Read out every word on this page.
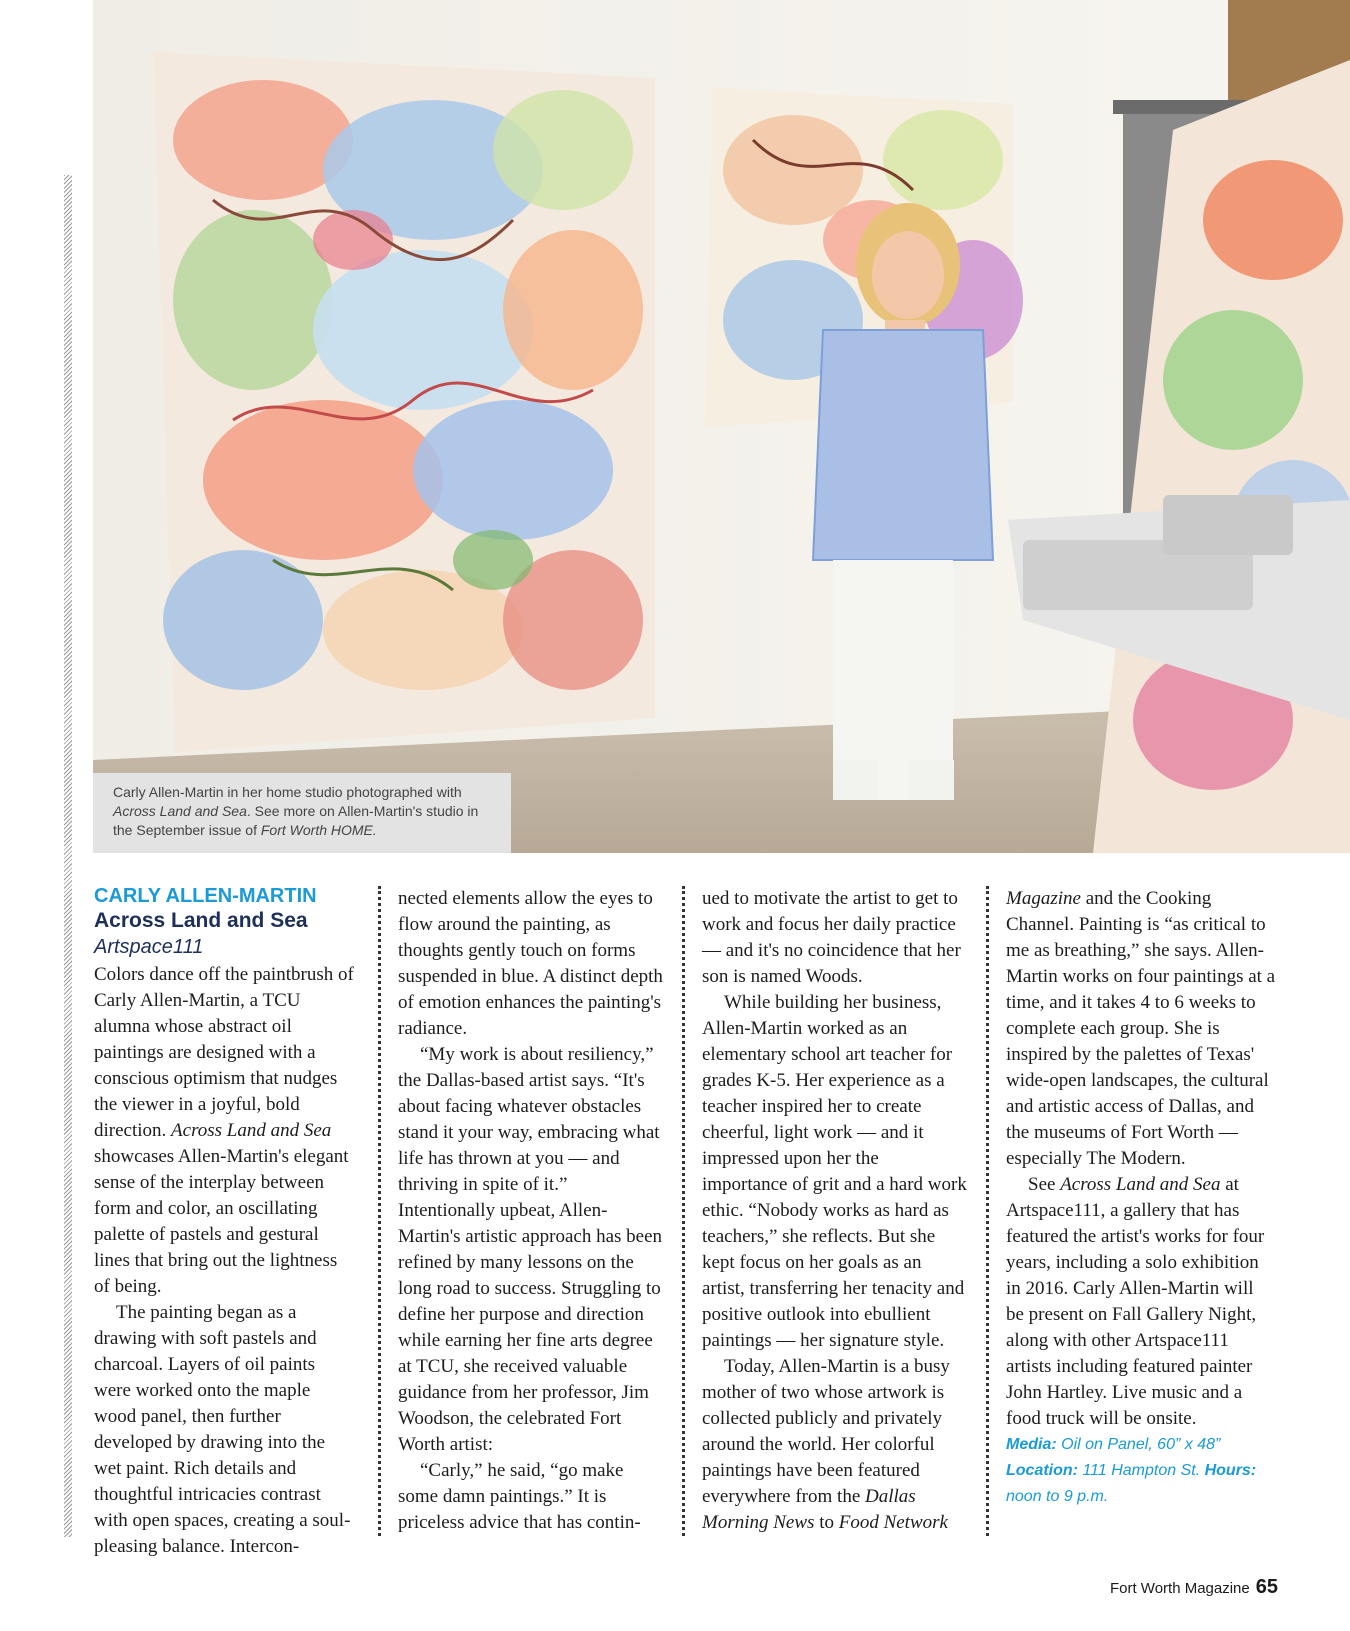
Carly Allen-Martin in her home studio photographed with
Across Land and Sea. See more on Allen-Martin's studio in
the September issue of Fort Worth HOME.
CARLY ALLEN-MARTIN
Across Land and Sea
Artspace111

Colors dance off the paintbrush of Carly Allen-Martin, a TCU alumna whose abstract oil paintings are designed with a conscious optimism that nudges the viewer in a joyful, bold direction. Across Land and Sea showcases Allen-Martin's elegant sense of the interplay between form and color, an oscillating palette of pastels and gestural lines that bring out the lightness of being.

The painting began as a drawing with soft pastels and charcoal. Layers of oil paints were worked onto the maple wood panel, then further developed by drawing into the wet paint. Rich details and thoughtful intricacies contrast with open spaces, creating a soul-pleasing balance. Intercon-

nected elements allow the eyes to flow around the painting, as thoughts gently touch on forms suspended in blue. A distinct depth of emotion enhances the painting's radiance.

“My work is about resiliency,” the Dallas-based artist says. “It's about facing whatever obstacles stand it your way, embracing what life has thrown at you — and thriving in spite of it.” Intentionally upbeat, Allen-Martin's artistic approach has been refined by many lessons on the long road to success. Struggling to define her purpose and direction while earning her fine arts degree at TCU, she received valuable guidance from her professor, Jim Woodson, the celebrated Fort Worth artist:

“Carly,” he said, “go make some damn paintings.” It is priceless advice that has contin-

ued to motivate the artist to get to work and focus her daily practice — and it's no coincidence that her son is named Woods.

While building her business, Allen-Martin worked as an elementary school art teacher for grades K-5. Her experience as a teacher inspired her to create cheerful, light work — and it impressed upon her the importance of grit and a hard work ethic. “Nobody works as hard as teachers,” she reflects. But she kept focus on her goals as an artist, transferring her tenacity and positive outlook into ebullient paintings — her signature style.

Today, Allen-Martin is a busy mother of two whose artwork is collected publicly and privately around the world. Her colorful paintings have been featured everywhere from the Dallas Morning News to Food Network

Magazine and the Cooking Channel. Painting is “as critical to me as breathing,” she says. Allen-Martin works on four paintings at a time, and it takes 4 to 6 weeks to complete each group. She is inspired by the palettes of Texas' wide-open landscapes, the cultural and artistic access of Dallas, and the museums of Fort Worth — especially The Modern.

See Across Land and Sea at Artspace111, a gallery that has featured the artist's works for four years, including a solo exhibition in 2016. Carly Allen-Martin will be present on Fall Gallery Night, along with other Artspace111 artists including featured painter John Hartley. Live music and a food truck will be onsite.

Media: Oil on Panel, 60” x 48”
Location: 111 Hampton St. Hours: noon to 9 p.m.
Fort Worth Magazine 65
